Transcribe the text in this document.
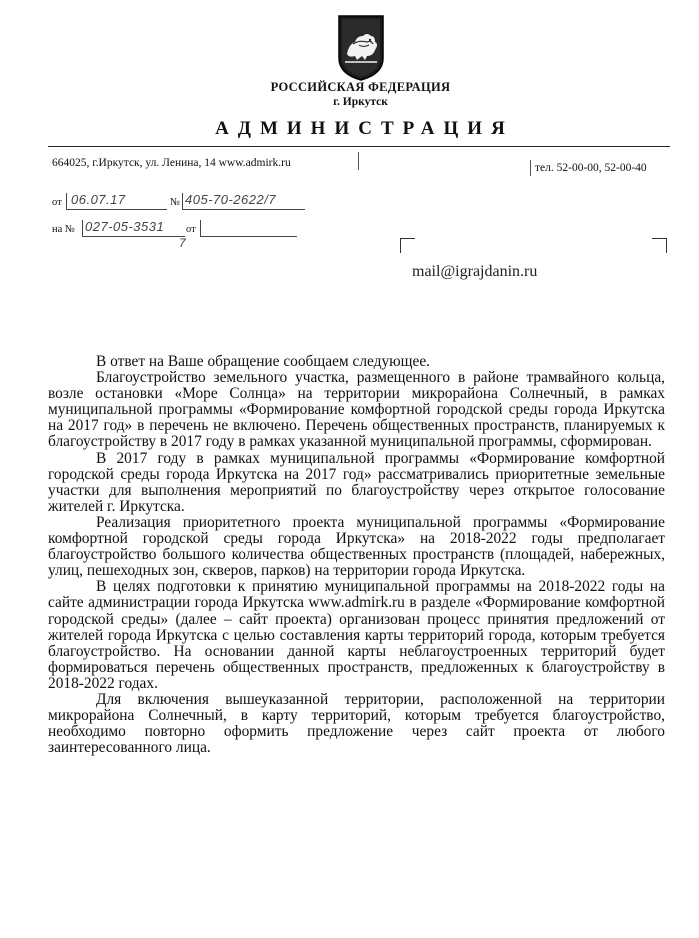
РОССИЙСКАЯ ФЕДЕРАЦИЯ
г. Иркутск
АДМИНИСТРАЦИЯ
664025, г.Иркутск, ул. Ленина, 14 www.admirk.ru	тел. 52-00-00, 52-00-40
от 06.07.17	№ 405-70-2622/7
на № 027-05-3531 от
7
mail@igrajdanin.ru

В ответ на Ваше обращение сообщаем следующее.

Благоустройство земельного участка, размещенного в районе трамвайного кольца, возле остановки «Море Солнца» на территории микрорайона Солнечный, в рамках муниципальной программы «Формирование комфортной городской среды города Иркутска на 2017 год» в перечень не включено. Перечень общественных пространств, планируемых к благоустройству в 2017 году в рамках указанной муниципальной программы, сформирован.

В 2017 году в рамках муниципальной программы «Формирование комфортной городской среды города Иркутска на 2017 год» рассматривались приоритетные земельные участки для выполнения мероприятий по благоустройству через открытое голосование жителей г. Иркутска.

Реализация приоритетного проекта муниципальной программы «Формирование комфортной городской среды города Иркутска» на 2018-2022 годы предполагает благоустройство большого количества общественных пространств (площадей, набережных, улиц, пешеходных зон, скверов, парков) на территории города Иркутска.

В целях подготовки к принятию муниципальной программы на 2018-2022 годы на сайте администрации города Иркутска www.admirk.ru в разделе «Формирование комфортной городской среды» (далее – сайт проекта) организован процесс принятия предложений от жителей города Иркутска с целью составления карты территорий города, которым требуется благоустройство. На основании данной карты неблагоустроенных территорий будет формироваться перечень общественных пространств, предложенных к благоустройству в 2018-2022 годах.

Для включения вышеуказанной территории, расположенной на территории микрорайона Солнечный, в карту территорий, которым требуется благоустройство, необходимо повторно оформить предложение через сайт проекта от любого заинтересованного лица.
